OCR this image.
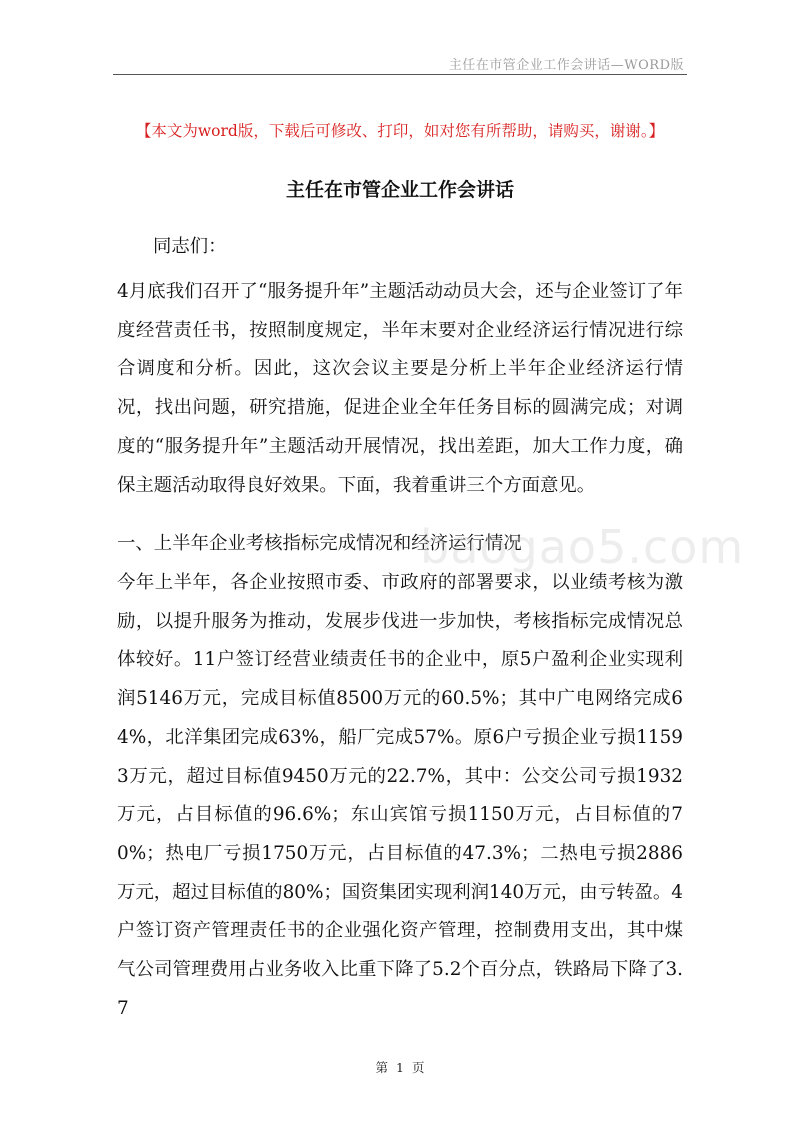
主任在市管企业工作会讲话—WORD版
【本文为word版，下载后可修改、打印，如对您有所帮助，请购买，谢谢。】
主任在市管企业工作会讲话

同志们：

4月底我们召开了“服务提升年”主题活动动员大会，还与企业签订了年度经营责任书，按照制度规定，半年末要对企业经济运行情况进行综合调度和分析。因此，这次会议主要是分析上半年企业经济运行情况，找出问题，研究措施，促进企业全年任务目标的圆满完成；对调度的“服务提升年”主题活动开展情况，找出差距，加大工作力度，确保主题活动取得良好效果。下面，我着重讲三个方面意见。

一、上半年企业考核指标完成情况和经济运行情况

baogao5.com

今年上半年，各企业按照市委、市政府的部署要求，以业绩考核为激励，以提升服务为推动，发展步伐进一步加快，考核指标完成情况总体较好。11户签订经营业绩责任书的企业中，原5户盈利企业实现利润5146万元，完成目标值8500万元的60.5%；其中广电网络完成64%，北洋集团完成63%，船厂完成57%。原6户亏损企业亏损11593万元，超过目标值9450万元的22.7%，其中：公交公司亏损1932万元，占目标值的96.6%；东山宾馆亏损1150万元，占目标值的70%；热电厂亏损1750万元，占目标值的47.3%；二热电亏损2886万元，超过目标值的80%；国资集团实现利润140万元，由亏转盈。4户签订资产管理责任书的企业强化资产管理，控制费用支出，其中煤气公司管理费用占业务收入比重下降了5.2个百分点，铁路局下降了3.7

第 1 页
